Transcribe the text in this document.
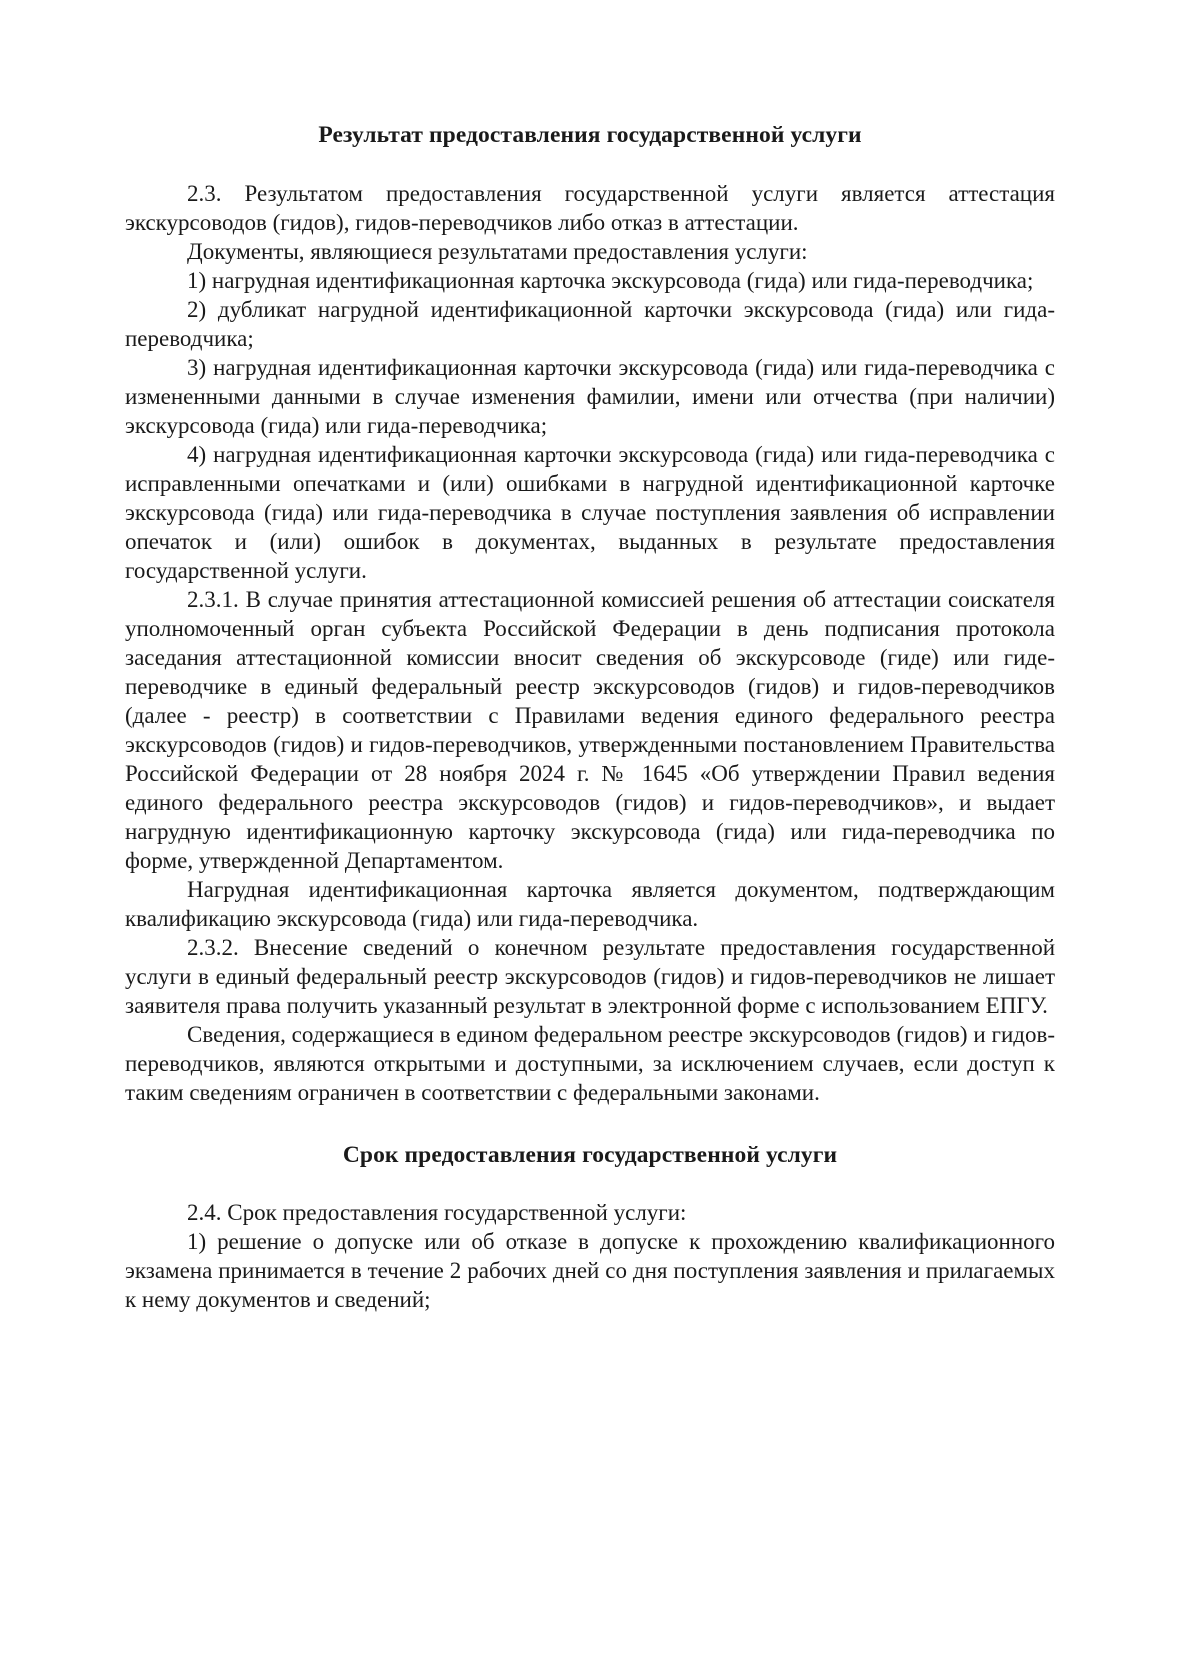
Результат предоставления государственной услуги

2.3. Результатом предоставления государственной услуги является аттестация экскурсоводов (гидов), гидов-переводчиков либо отказ в аттестации.

Документы, являющиеся результатами предоставления услуги:

1) нагрудная идентификационная карточка экскурсовода (гида) или гида-переводчика;

2) дубликат нагрудной идентификационной карточки экскурсовода (гида) или гида-переводчика;

3) нагрудная идентификационная карточки экскурсовода (гида) или гида-переводчика с измененными данными в случае изменения фамилии, имени или отчества (при наличии) экскурсовода (гида) или гида-переводчика;

4) нагрудная идентификационная карточки экскурсовода (гида) или гида-переводчика с исправленными опечатками и (или) ошибками в нагрудной идентификационной карточке экскурсовода (гида) или гида-переводчика в случае поступления заявления об исправлении опечаток и (или) ошибок в документах, выданных в результате предоставления государственной услуги.

2.3.1. В случае принятия аттестационной комиссией решения об аттестации соискателя уполномоченный орган субъекта Российской Федерации в день подписания протокола заседания аттестационной комиссии вносит сведения об экскурсоводе (гиде) или гиде-переводчике в единый федеральный реестр экскурсоводов (гидов) и гидов-переводчиков (далее - реестр) в соответствии с Правилами ведения единого федерального реестра экскурсоводов (гидов) и гидов-переводчиков, утвержденными постановлением Правительства Российской Федерации от 28 ноября 2024 г. № 1645 «Об утверждении Правил ведения единого федерального реестра экскурсоводов (гидов) и гидов-переводчиков», и выдает нагрудную идентификационную карточку экскурсовода (гида) или гида-переводчика по форме, утвержденной Департаментом.

Нагрудная идентификационная карточка является документом, подтверждающим квалификацию экскурсовода (гида) или гида-переводчика.

2.3.2. Внесение сведений о конечном результате предоставления государственной услуги в единый федеральный реестр экскурсоводов (гидов) и гидов-переводчиков не лишает заявителя права получить указанный результат в электронной форме с использованием ЕПГУ.

Сведения, содержащиеся в едином федеральном реестре экскурсоводов (гидов) и гидов-переводчиков, являются открытыми и доступными, за исключением случаев, если доступ к таким сведениям ограничен в соответствии с федеральными законами.

Срок предоставления государственной услуги

2.4. Срок предоставления государственной услуги:

1) решение о допуске или об отказе в допуске к прохождению квалификационного экзамена принимается в течение 2 рабочих дней со дня поступления заявления и прилагаемых к нему документов и сведений;
